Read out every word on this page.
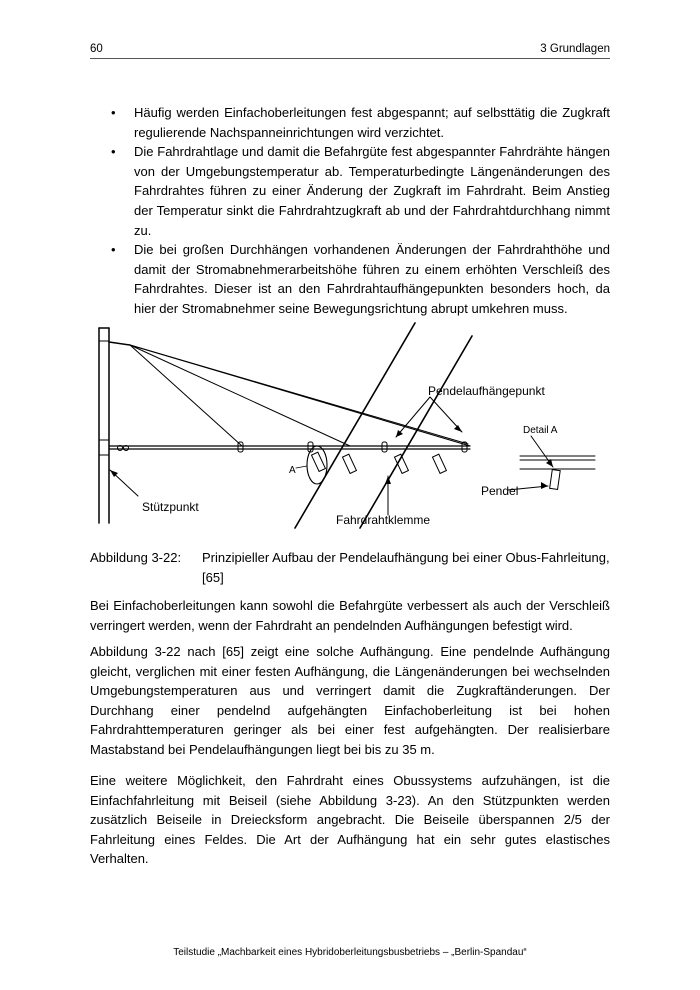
60	3 Grundlagen
• Häufig werden Einfachoberleitungen fest abgespannt; auf selbsttätig die Zugkraft regulierende Nachspanneinrichtungen wird verzichtet.
• Die Fahrdrahtlage und damit die Befahrgüte fest abgespannter Fahrdrähte hängen von der Umgebungstemperatur ab. Temperaturbedingte Längenänderungen des Fahrdrahtes führen zu einer Änderung der Zugkraft im Fahrdraht. Beim Anstieg der Temperatur sinkt die Fahrdrahtzugkraft ab und der Fahrdrahtdurchhang nimmt zu.
• Die bei großen Durchhängen vorhandenen Änderungen der Fahrdrahthöhe und damit der Stromabnehmerarbeitshöhe führen zu einem erhöhten Verschleiß des Fahrdrahtes. Dieser ist an den Fahrdrahtaufhängepunkten besonders hoch, da hier der Stromabnehmer seine Bewegungsrichtung abrupt umkehren muss.
Pendelaufhängepunkt
Detail A
Pendel
Stützpunkt
Fahrdrahtklemme
A
Abbildung 3-22: Prinzipieller Aufbau der Pendelaufhängung bei einer Obus-Fahrleitung, [65]

Bei Einfachoberleitungen kann sowohl die Befahrgüte verbessert als auch der Verschleiß verringert werden, wenn der Fahrdraht an pendelnden Aufhängungen befestigt wird.

Abbildung 3-22 nach [65] zeigt eine solche Aufhängung. Eine pendelnde Aufhängung gleicht, verglichen mit einer festen Aufhängung, die Längenänderungen bei wechselnden Umgebungstemperaturen aus und verringert damit die Zugkraftänderungen. Der Durchhang einer pendelnd aufgehängten Einfachoberleitung ist bei hohen Fahrdrahttemperaturen geringer als bei einer fest aufgehängten. Der realisierbare Mastabstand bei Pendelaufhängungen liegt bei bis zu 35 m.

Eine weitere Möglichkeit, den Fahrdraht eines Obussystems aufzuhängen, ist die Einfachfahrleitung mit Beiseil (siehe Abbildung 3-23). An den Stützpunkten werden zusätzlich Beiseile in Dreiecksform angebracht. Die Beiseile überspannen 2/5 der Fahrleitung eines Feldes. Die Art der Aufhängung hat ein sehr gutes elastisches Verhalten.

Teilstudie „Machbarkeit eines Hybridoberleitungsbusbetriebs – „Berlin-Spandau“
